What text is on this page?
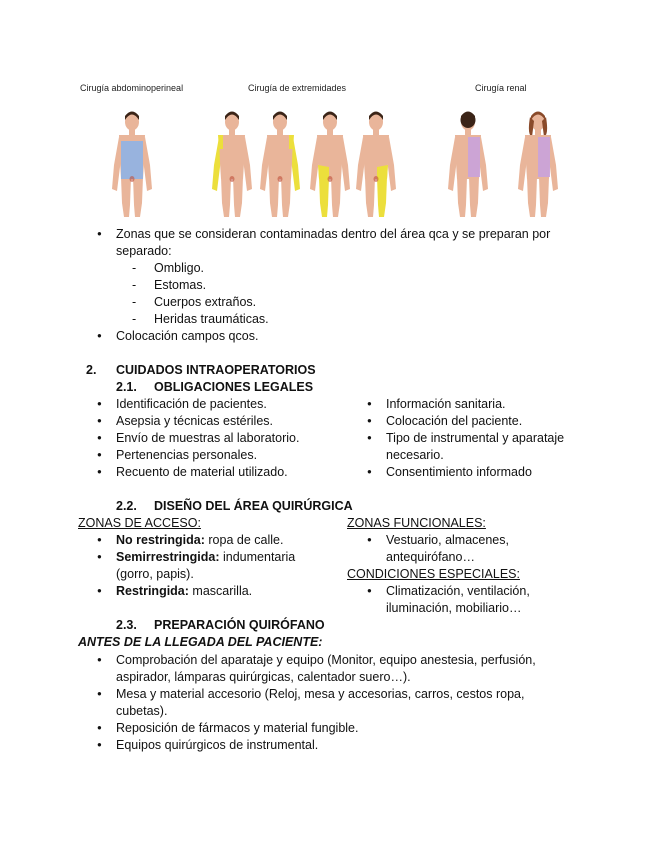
Cirugía abdominoperineal	Cirugía de extremidades	Cirugía renal
● Zonas que se consideran contaminadas dentro del área qca y se preparan por
separado:
- Ombligo.
- Estomas.
- Cuerpos extraños.
- Heridas traumáticas.
● Colocación campos qcos.
2. CUIDADOS INTRAOPERATORIOS
2.1. OBLIGACIONES LEGALES
● Identificación de pacientes.
● Asepsia y técnicas estériles.
● Envío de muestras al laboratorio.
● Pertenencias personales.
● Recuento de material utilizado.
● Información sanitaria.
● Colocación del paciente.
● Tipo de instrumental y aparataje
necesario.
● Consentimiento informado
2.2. DISEÑO DEL ÁREA QUIRÚRGICA
ZONAS DE ACCESO:
● No restringida: ropa de calle.
● Semirrestringida: indumentaria
(gorro, papis).
● Restringida: mascarilla.
ZONAS FUNCIONALES:
● Vestuario, almacenes,
antequirófano…
CONDICIONES ESPECIALES:
● Climatización, ventilación,
iluminación, mobiliario…
2.3. PREPARACIÓN QUIRÓFANO
ANTES DE LA LLEGADA DEL PACIENTE:
● Comprobación del aparataje y equipo (Monitor, equipo anestesia, perfusión,
aspirador, lámparas quirúrgicas, calentador suero…).
● Mesa y material accesorio (Reloj, mesa y accesorias, carros, cestos ropa,
cubetas).
● Reposición de fármacos y material fungible.
● Equipos quirúrgicos de instrumental.
